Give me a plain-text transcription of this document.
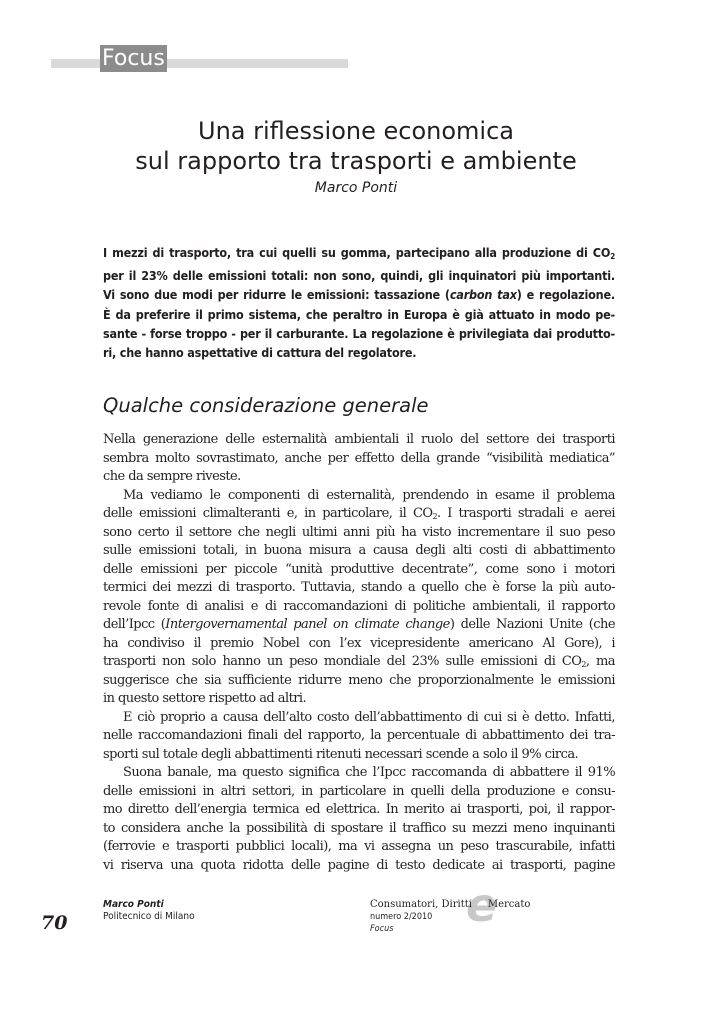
Focus
Una riflessione economica
sul rapporto tra trasporti e ambiente
Marco Ponti
I mezzi di trasporto, tra cui quelli su gomma, partecipano alla produzione di CO2
per il 23% delle emissioni totali: non sono, quindi, gli inquinatori più importanti.
Vi sono due modi per ridurre le emissioni: tassazione (carbon tax) e regolazione.
È da preferire il primo sistema, che peraltro in Europa è già attuato in modo pe-
sante - forse troppo - per il carburante. La regolazione è privilegiata dai produtto-
ri, che hanno aspettative di cattura del regolatore.
Qualche considerazione generale
Nella generazione delle esternalità ambientali il ruolo del settore dei trasporti
sembra molto sovrastimato, anche per effetto della grande “visibilità mediatica”
che da sempre riveste.
Ma vediamo le componenti di esternalità, prendendo in esame il problema
delle emissioni climalteranti e, in particolare, il $CO_2$. I trasporti stradali e aerei
sono certo il settore che negli ultimi anni più ha visto incrementare il suo peso
sulle emissioni totali, in buona misura a causa degli alti costi di abbattimento
delle emissioni per piccole “unità produttive decentrate”, come sono i motori
termici dei mezzi di trasporto. Tuttavia, stando a quello che è forse la più auto-
revole fonte di analisi e di raccomandazioni di politiche ambientali, il rapporto
dell’Ipcc (Intergovernamental panel on climate change) delle Nazioni Unite (che
ha condiviso il premio Nobel con l’ex vicepresidente americano Al Gore), i
trasporti non solo hanno un peso mondiale del 23% sulle emissioni di $CO_2$, ma
suggerisce che sia sufficiente ridurre meno che proporzionalmente le emissioni
in questo settore rispetto ad altri.
E ciò proprio a causa dell’alto costo dell’abbattimento di cui si è detto. Infatti,
nelle raccomandazioni finali del rapporto, la percentuale di abbattimento dei tra-
sporti sul totale degli abbattimenti ritenuti necessari scende a solo il 9% circa.
Suona banale, ma questo significa che l’Ipcc raccomanda di abbattere il 91%
delle emissioni in altri settori, in particolare in quelli della produzione e consu-
mo diretto dell’energia termica ed elettrica. In merito ai trasporti, poi, il rappor-
to considera anche la possibilità di spostare il traffico su mezzi meno inquinanti
(ferrovie e trasporti pubblici locali), ma vi assegna un peso trascurabile, infatti
vi riserva una quota ridotta delle pagine di testo dedicate ai trasporti, pagine
70
Marco Ponti
Politecnico di Milano	e
Consumatori, Diritti Mercato
numero 2/2010
Focus
